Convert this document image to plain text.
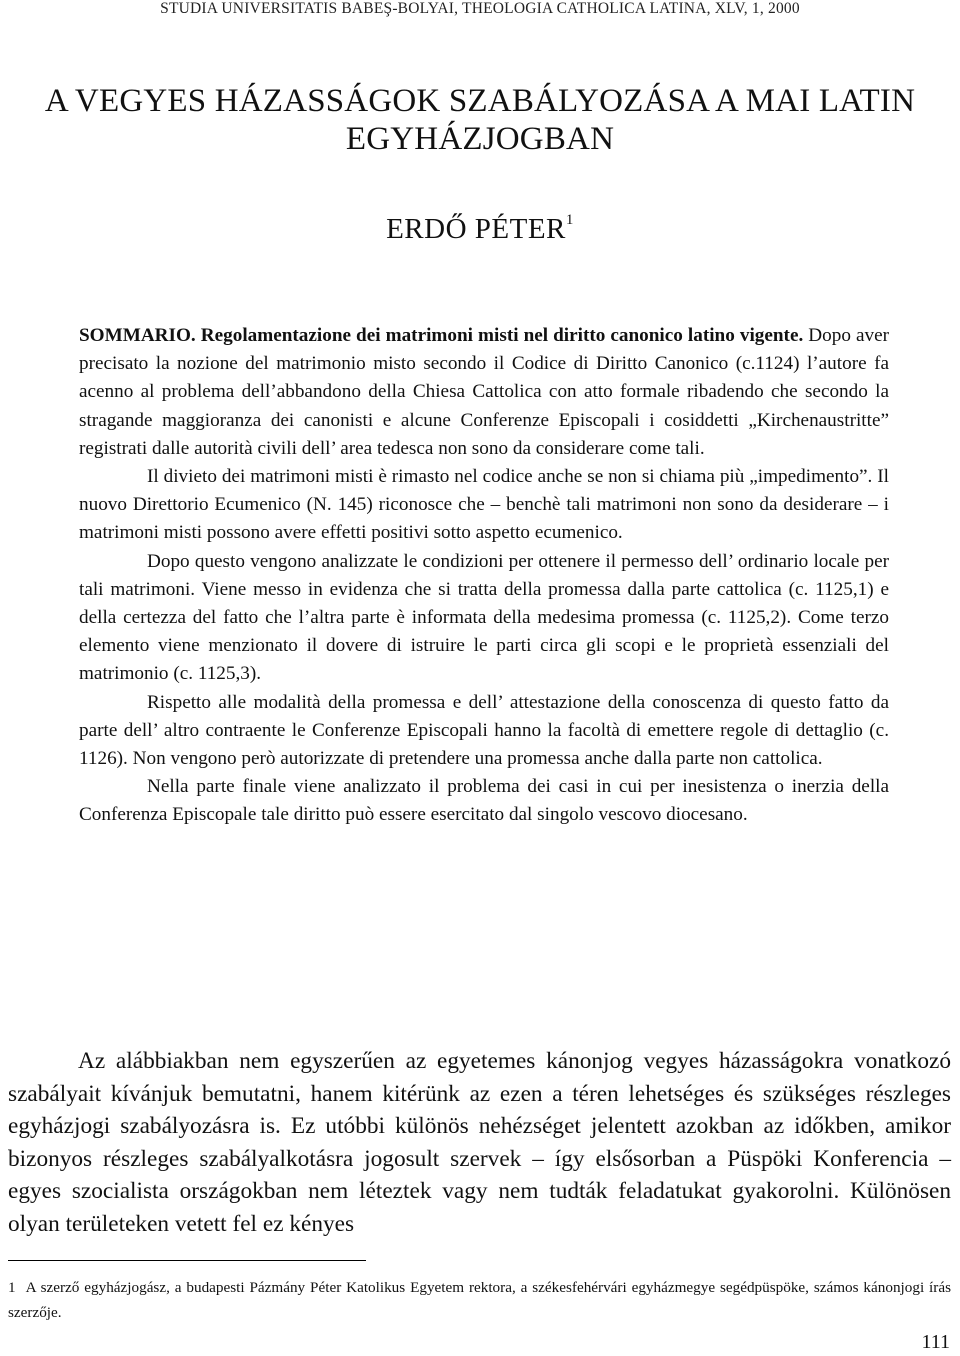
STUDIA UNIVERSITATIS BABEŞ-BOLYAI, THEOLOGIA CATHOLICA LATINA, XLV, 1, 2000
A VEGYES HÁZASSÁGOK SZABÁLYOZÁSA A MAI LATIN EGYHÁZJOGBAN
ERDŐ PÉTER$^1$

SOMMARIO. Regolamentazione dei matrimoni misti nel diritto canonico latino vigente. Dopo aver precisato la nozione del matrimonio misto secondo il Codice di Diritto Canonico (c.1124) l’autore fa acenno al problema dell’abbandono della Chiesa Cattolica con atto formale ribadendo che secondo la stragande maggioranza dei canonisti e alcune Conferenze Episcopali i cosiddetti „Kirchenaustritte” registrati dalle autorità civili dell’ area tedesca non sono da considerare come tali.

Il divieto dei matrimoni misti è rimasto nel codice anche se non si chiama più „impedimento”. Il nuovo Direttorio Ecumenico (N. 145) riconosce che – benchè tali matrimoni non sono da desiderare – i matrimoni misti possono avere effetti positivi sotto aspetto ecumenico.

Dopo questo vengono analizzate le condizioni per ottenere il permesso dell’ ordinario locale per tali matrimoni. Viene messo in evidenza che si tratta della promessa dalla parte cattolica (c. 1125,1) e della certezza del fatto che l’altra parte è informata della medesima promessa (c. 1125,2). Come terzo elemento viene menzionato il dovere di istruire le parti circa gli scopi e le proprietà essenziali del matrimonio (c. 1125,3).

Rispetto alle modalità della promessa e dell’ attestazione della conoscenza di questo fatto da parte dell’ altro contraente le Conferenze Episcopali hanno la facoltà di emettere regole di dettaglio (c. 1126). Non vengono però autorizzate di pretendere una promessa anche dalla parte non cattolica.

Nella parte finale viene analizzato il problema dei casi in cui per inesistenza o inerzia della Conferenza Episcopale tale diritto può essere esercitato dal singolo vescovo diocesano.

Az alábbiakban nem egyszerűen az egyetemes kánonjog vegyes házasságokra vonatkozó szabályait kívánjuk bemutatni, hanem kitérünk az ezen a téren lehetséges és szükséges részleges egyházjogi szabályozásra is. Ez utóbbi különös nehézséget jelentett azokban az időkben, amikor bizonyos részleges szabályalkotásra jogosult szervek – így elsősorban a Püspöki Konferencia – egyes szocialista országokban nem léteztek vagy nem tudták feladatukat gyakorolni. Különösen olyan területeken vetett fel ez kényes

1 A szerző egyházjogász, a budapesti Pázmány Péter Katolikus Egyetem rektora, a székesfehérvári egyházmegye segédpüspöke, számos kánonjogi írás szerzője.
111
